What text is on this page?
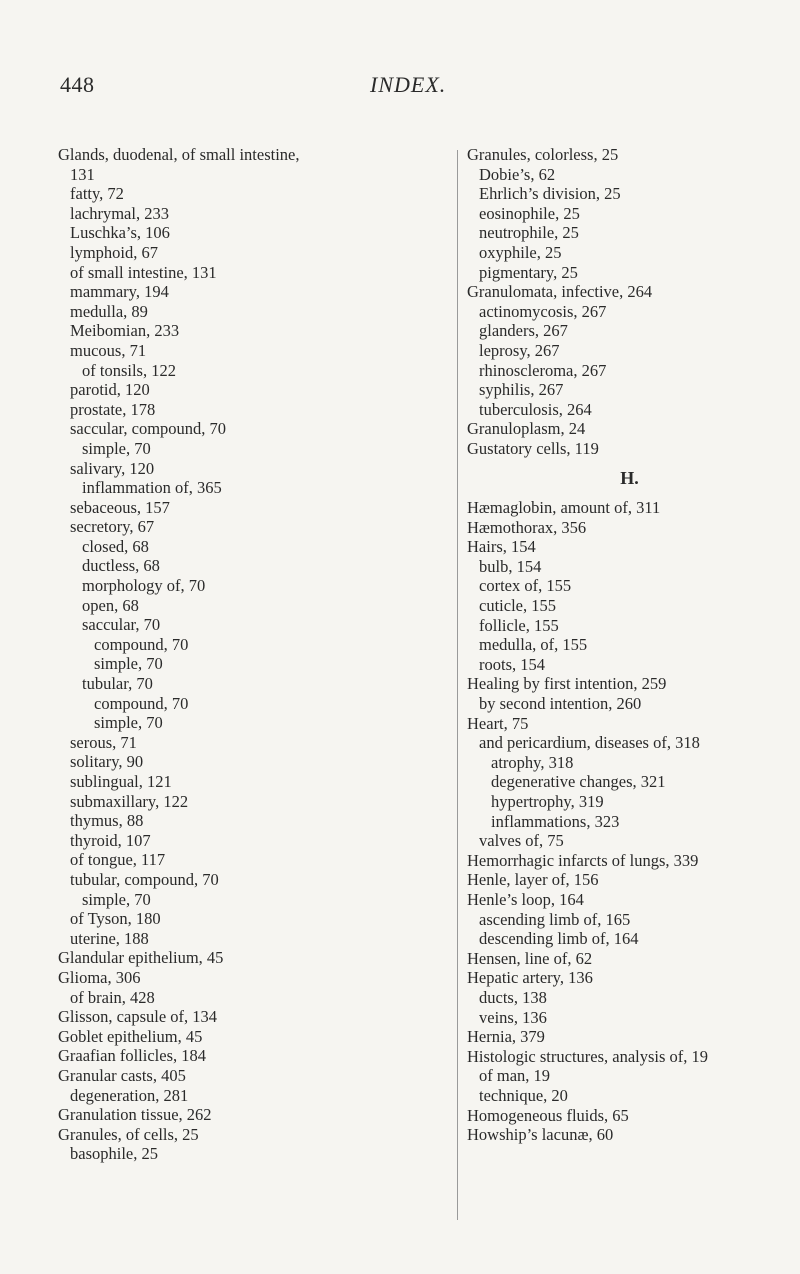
448	INDEX.
Glands, duodenal, of small intestine,
131
fatty, 72
lachrymal, 233
Luschka’s, 106
lymphoid, 67
of small intestine, 131
mammary, 194
medulla, 89
Meibomian, 233
mucous, 71
of tonsils, 122
parotid, 120
prostate, 178
saccular, compound, 70
simple, 70
salivary, 120
inflammation of, 365
sebaceous, 157
secretory, 67
closed, 68
ductless, 68
morphology of, 70
open, 68
saccular, 70
compound, 70
simple, 70
tubular, 70
compound, 70
simple, 70
serous, 71
solitary, 90
sublingual, 121
submaxillary, 122
thymus, 88
thyroid, 107
of tongue, 117
tubular, compound, 70
simple, 70
of Tyson, 180
uterine, 188
Glandular epithelium, 45
Glioma, 306
of brain, 428
Glisson, capsule of, 134
Goblet epithelium, 45
Graafian follicles, 184
Granular casts, 405
degeneration, 281
Granulation tissue, 262
Granules, of cells, 25
basophile, 25
Granules, colorless, 25
Dobie’s, 62
Ehrlich’s division, 25
eosinophile, 25
neutrophile, 25
oxyphile, 25
pigmentary, 25
Granulomata, infective, 264
actinomycosis, 267
glanders, 267
leprosy, 267
rhinoscleroma, 267
syphilis, 267
tuberculosis, 264
Granuloplasm, 24
Gustatory cells, 119
H.
Hæmaglobin, amount of, 311
Hæmothorax, 356
Hairs, 154
bulb, 154
cortex of, 155
cuticle, 155
follicle, 155
medulla, of, 155
roots, 154
Healing by first intention, 259
by second intention, 260
Heart, 75
and pericardium, diseases of, 318
atrophy, 318
degenerative changes, 321
hypertrophy, 319
inflammations, 323
valves of, 75
Hemorrhagic infarcts of lungs, 339
Henle, layer of, 156
Henle’s loop, 164
ascending limb of, 165
descending limb of, 164
Hensen, line of, 62
Hepatic artery, 136
ducts, 138
veins, 136
Hernia, 379
Histologic structures, analysis of, 19
of man, 19
technique, 20
Homogeneous fluids, 65
Howship’s lacunæ, 60
